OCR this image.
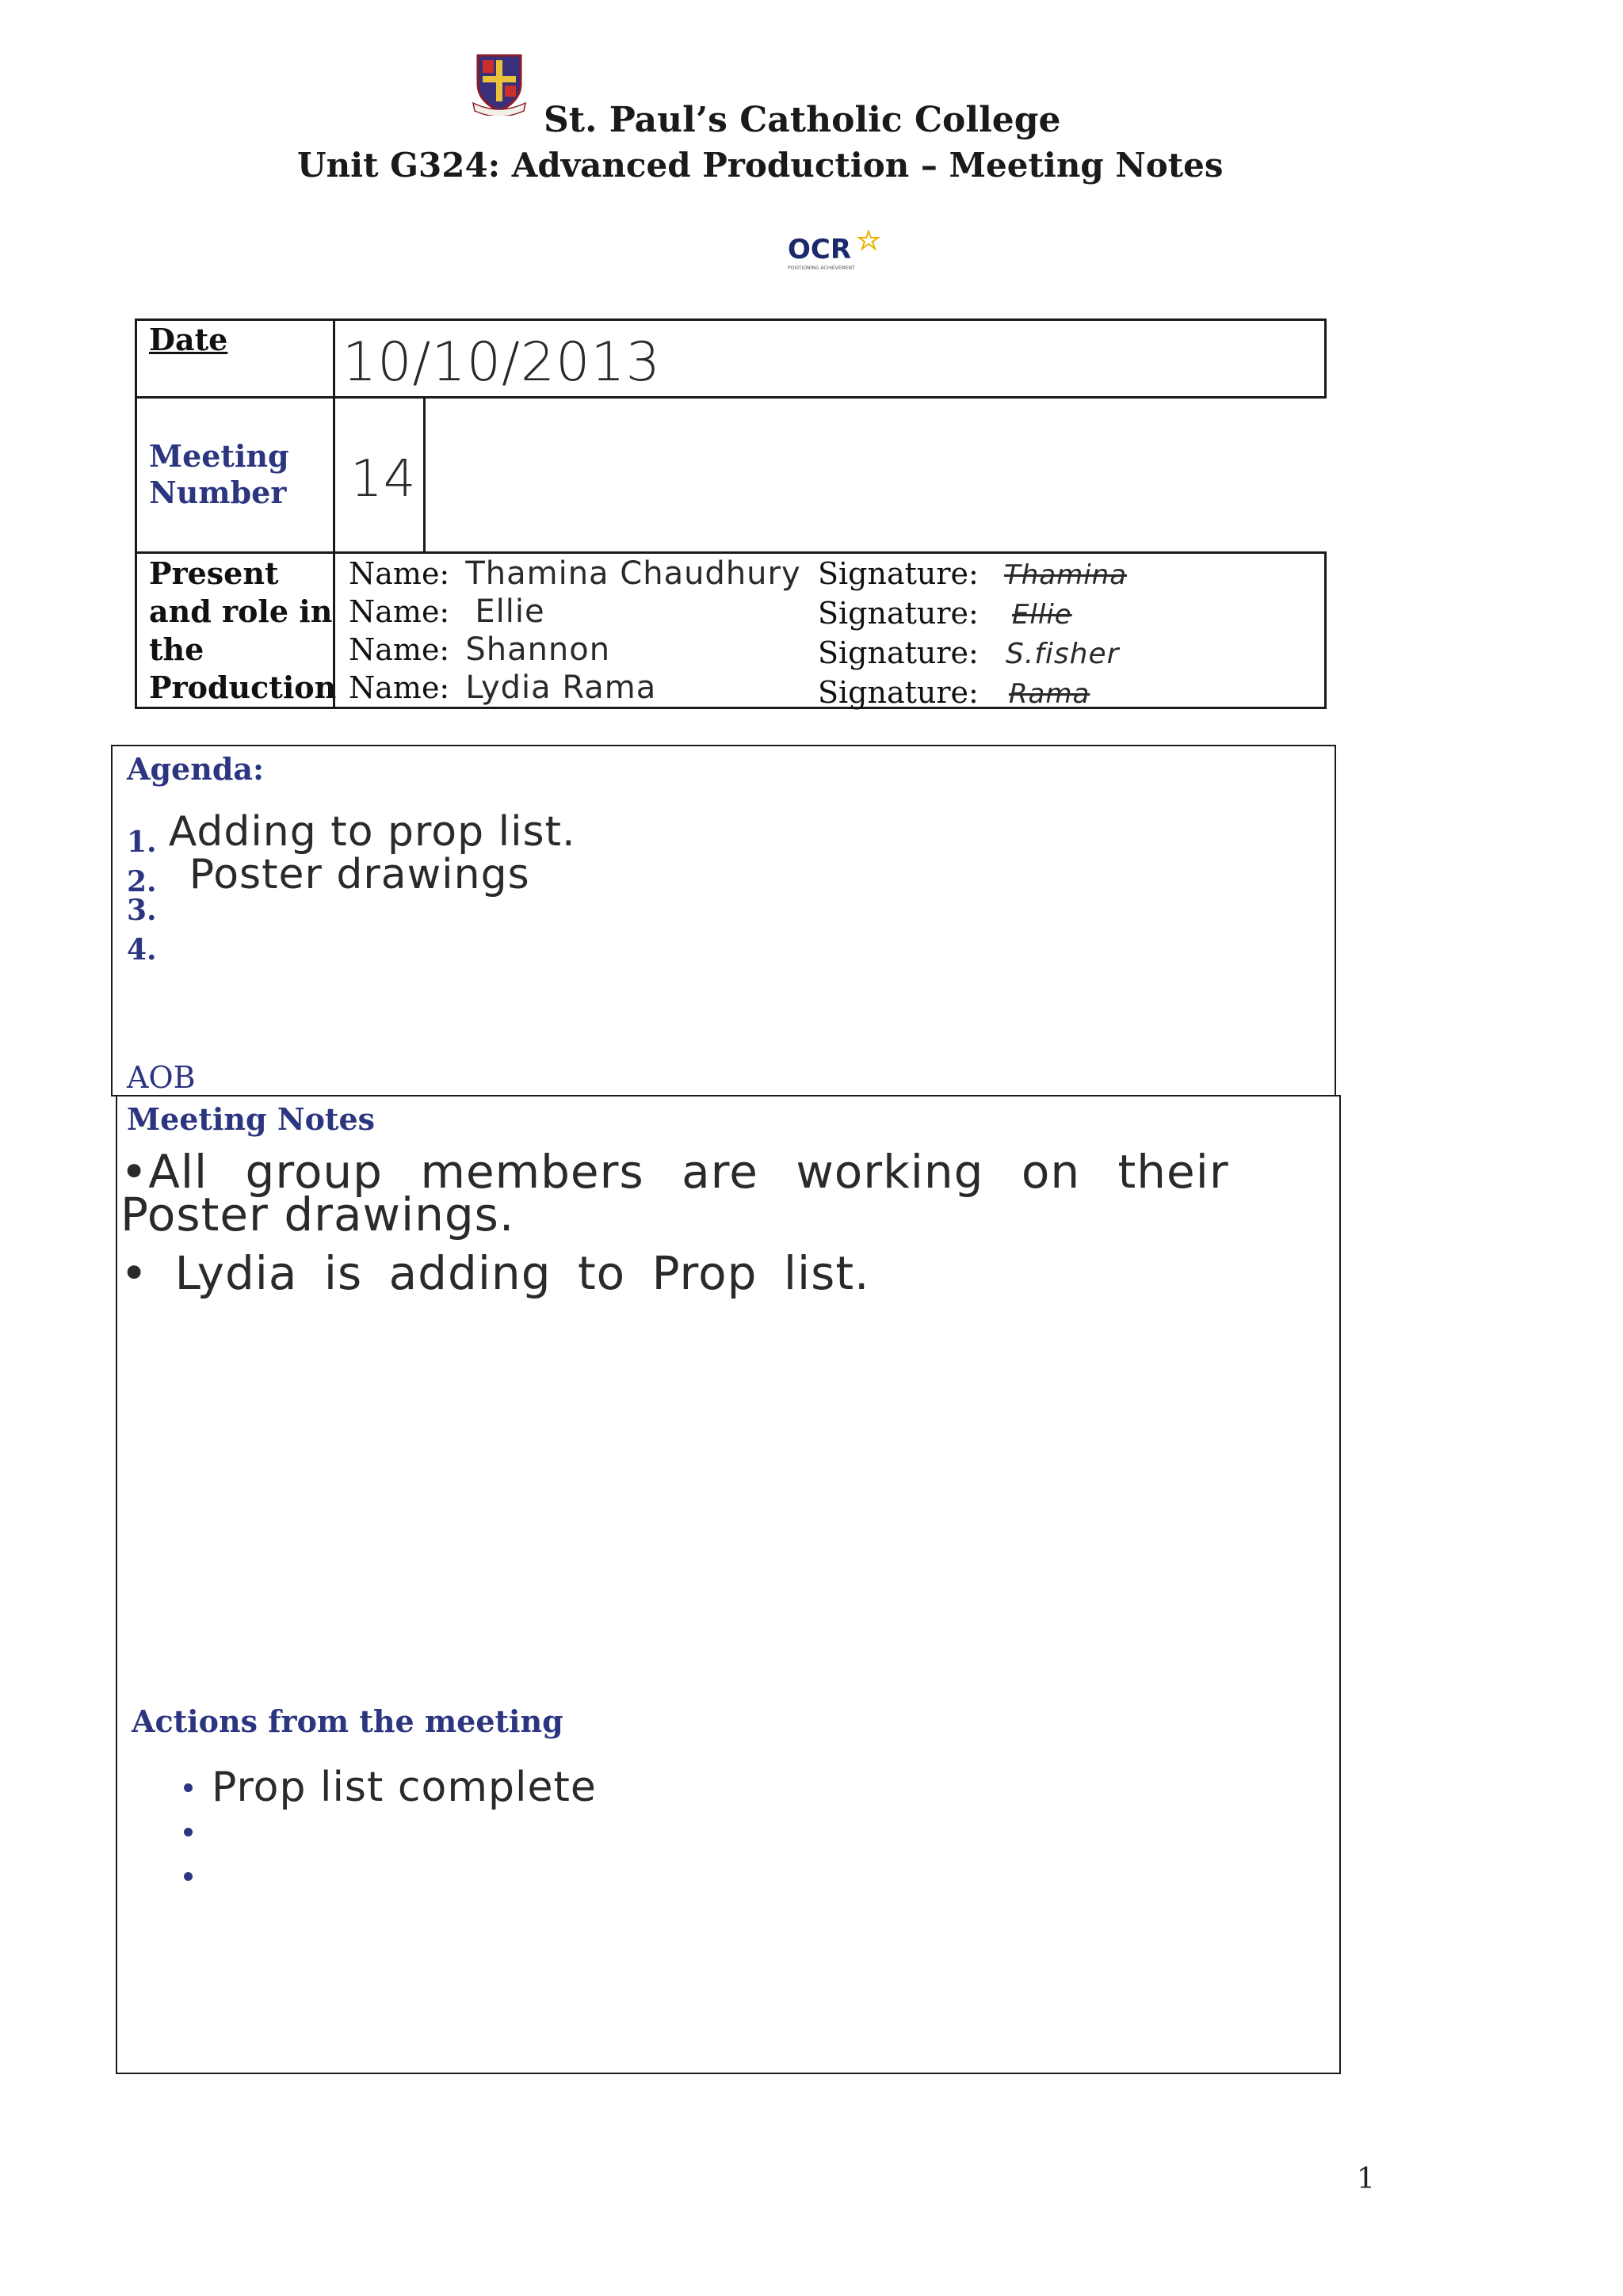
St. Paul’s Catholic College
Unit G324: Advanced Production – Meeting Notes
OCR
POSITIONING ACHIEVEMENT
Date 10/10/2013
Meeting
Number 14
Present
and role in
the
Production
Name: Thamina Chaudhury
Name: Ellie
Name: Shannon
Name: Lydia Rama
Signature: Thamina
Signature: Ellie
Signature: S.fisher
Signature: Rama
Agenda:
1. Adding to prop list.
2. Poster drawings
3.
4.
AOB
Meeting Notes
•All group members are working on their
Poster drawings.
• Lydia is adding to Prop list.
Actions from the meeting
Prop list complete
1
